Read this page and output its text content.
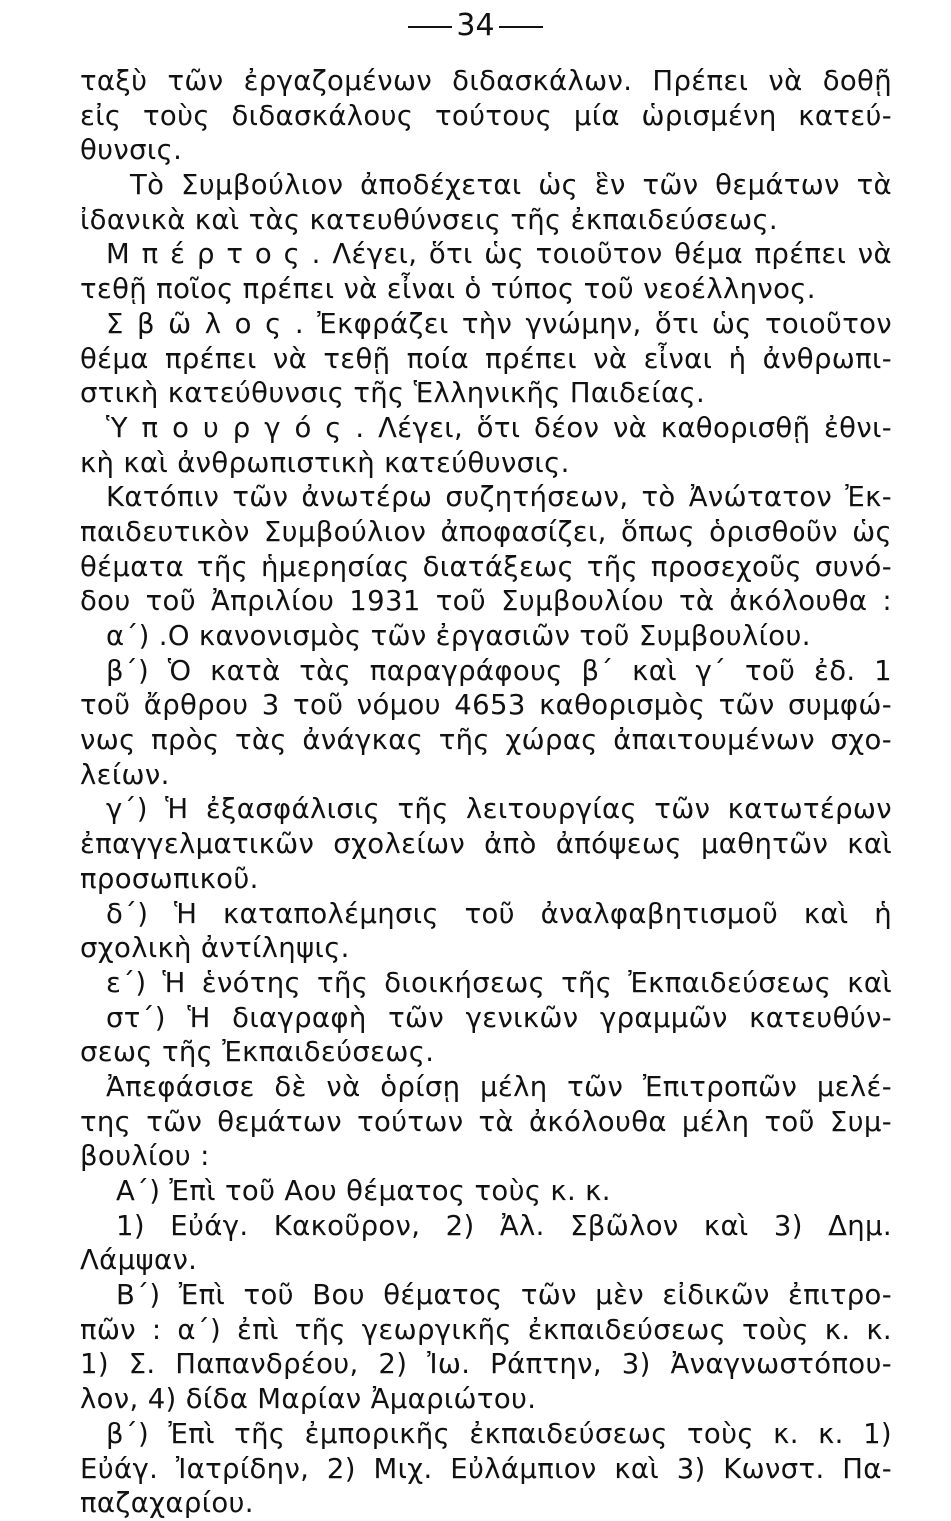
34
ταξὺ τῶν ἐργαζομένων διδασκάλων. Πρέπει νὰ δοθῇ
εἰς τοὺς διδασκάλους τούτους μία ὡρισμένη κατεύ-
θυνσις.
Τὸ Συμβούλιον ἀποδέχεται ὡς ἓν τῶν θεμάτων τὰ
ἰδανικὰ καὶ τὰς κατευθύνσεις τῆς ἐκπαιδεύσεως.
Μ π έ ρ τ ο ς . Λέγει, ὅτι ὡς τοιοῦτον θέμα πρέπει νὰ
τεθῇ ποῖος πρέπει νὰ εἶναι ὁ τύπος τοῦ νεοέλληνος.
Σ β ῶ λ ο ς . Ἐκφράζει τὴν γνώμην, ὅτι ὡς τοιοῦτον
θέμα πρέπει νὰ τεθῇ ποία πρέπει νὰ εἶναι ἡ ἀνθρωπι-
στικὴ κατεύθυνσις τῆς Ἑλληνικῆς Παιδείας.
Ὑ π ο υ ρ γ ό ς . Λέγει, ὅτι δέον νὰ καθορισθῇ ἐθνι-
κὴ καὶ ἀνθρωπιστικὴ κατεύθυνσις.
Κατόπιν τῶν ἀνωτέρω συζητήσεων, τὸ Ἀνώτατον Ἐκ-
παιδευτικὸν Συμβούλιον ἀποφασίζει, ὅπως ὁρισθοῦν ὡς
θέματα τῆς ἡμερησίας διατάξεως τῆς προσεχοῦς συνό-
δου τοῦ Ἀπριλίου 1931 τοῦ Συμβουλίου τὰ ἀκόλουθα :
α΄) .Ο κανονισμὸς τῶν ἐργασιῶν τοῦ Συμβουλίου.
β΄) Ὁ κατὰ τὰς παραγράφους β΄ καὶ γ΄ τοῦ ἐδ. 1
τοῦ ἄρθρου 3 τοῦ νόμου 4653 καθορισμὸς τῶν συμφώ-
νως πρὸς τὰς ἀνάγκας τῆς χώρας ἀπαιτουμένων σχο-
λείων.
γ΄) Ἡ ἐξασφάλισις τῆς λειτουργίας τῶν κατωτέρων
ἐπαγγελματικῶν σχολείων ἀπὸ ἀπόψεως μαθητῶν καὶ
προσωπικοῦ.
δ΄) Ἡ καταπολέμησις τοῦ ἀναλφαβητισμοῦ καὶ ἡ
σχολικὴ ἀντίληψις.
ε΄) Ἡ ἑνότης τῆς διοικήσεως τῆς Ἐκπαιδεύσεως καὶ
στ΄) Ἡ διαγραφὴ τῶν γενικῶν γραμμῶν κατευθύν-
σεως τῆς Ἐκπαιδεύσεως.
Ἀπεφάσισε δὲ νὰ ὁρίσῃ μέλη τῶν Ἐπιτροπῶν μελέ-
της τῶν θεμάτων τούτων τὰ ἀκόλουθα μέλη τοῦ Συμ-
βουλίου :
Α΄) Ἐπὶ τοῦ Αου θέματος τοὺς κ. κ.
1) Εὐάγ. Κακοῦρον, 2) Ἀλ. Σβῶλον καὶ 3) Δημ.
Λάμψαν.
Β΄) Ἐπὶ τοῦ Βου θέματος τῶν μὲν εἰδικῶν ἐπιτρο-
πῶν : α΄) ἐπὶ τῆς γεωργικῆς ἐκπαιδεύσεως τοὺς κ. κ.
1) Σ. Παπανδρέου, 2) Ἰω. Ράπτην, 3) Ἀναγνωστόπου-
λον, 4) δίδα Μαρίαν Ἀμαριώτου.
β΄) Ἐπὶ τῆς ἐμπορικῆς ἐκπαιδεύσεως τοὺς κ. κ. 1)
Εὐάγ. Ἰατρίδην, 2) Μιχ. Εὐλάμπιον καὶ 3) Κωνστ. Πα-
παζαχαρίου.
